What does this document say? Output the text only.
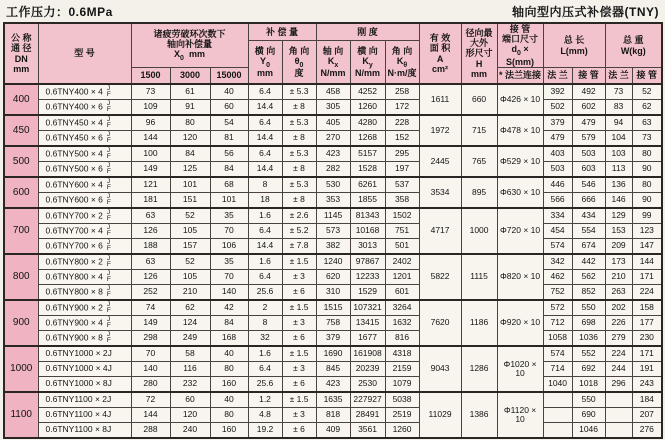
工作压力：0.6MPa	轴向型内压式补偿器(TNY)
公 称
通 径
DN
mm	型 号	诸疲劳破环次数下
轴向补偿量
$X_0$ mm			补 偿 量		刚 度			有 效
面 积
A
cm²	径向最大外
形尺寸
H
mm	接 管
端口尺寸
$d_0 \times S(mm)$	总 长
L(mm)		总 重
W(kg)	

					横 向
$Y_0$
mm	角 向
$\theta_0$
度	轴 向
$K_x$
N/mm	横 向
$K_y$
N/mm	角 向
$K_\theta$
N·m/度							

		1500	3000	15000								* 法兰连接	法 兰	接 管	法 兰	接 管
400	0.6TNY400 × 4 J
F	73	61	40	6.4	± 5.3	458	4252	258	1611	660	Φ426 × 10	392	492	73	52
	0.6TNY400 × 6 J
F	109	91	60	14.4	± 8	305	1260	172				502	602	83	62
450	0.6TNY450 × 4 J
F	96	80	54	6.4	± 5.3	405	4280	228	1972	715	Φ478 × 10	379	479	94	63
	0.6TNY450 × 6 J
F	144	120	81	14.4	± 8	270	1268	152				479	579	104	73
500	0.6TNY500 × 4 J
F	100	84	56	6.4	± 5.3	423	5157	295	2445	765	Φ529 × 10	403	503	103	80
	0.6TNY500 × 6 J
F	149	125	84	14.4	± 8	282	1528	197				503	603	113	90
600	0.6TNY600 × 4 J
F	121	101	68	8	± 5.3	530	6261	537	3534	895	Φ630 × 10	446	546	136	80
	0.6TNY600 × 6 J
F	181	151	101	18	± 8	353	1855	358				566	666	146	90
700	0.6TNY700 × 2 J
F	63	52	35	1.6	± 2.6	1145	81343	1502	4717	1000	Φ720 × 10	334	434	129	99
	0.6TNY700 × 4 J
F	126	105	70	6.4	± 5.2	573	10168	751				454	554	153	123
	0.6TNY700 × 6 J
F	188	157	106	14.4	± 7.8	382	3013	501				574	674	209	147
800	0.6TNY800 × 2 J
F	63	52	35	1.6	± 1.5	1240	97867	2402	5822	1115	Φ820 × 10	342	442	173	144
	0.6TNY800 × 4 J
F	126	105	70	6.4	± 3	620	12233	1201				462	562	210	171
	0.6TNY800 × 8 J
F	252	210	140	25.6	± 6	310	1529	601				752	852	263	224
900	0.6TNY900 × 2 J
F	74	62	42	2	± 1.5	1515	107321	3264	7620	1186	Φ920 × 10	572	550	202	158
	0.6TNY900 × 4 J
F	149	124	84	8	± 3	758	13415	1632				712	698	226	177
	0.6TNY900 × 8 J
F	298	249	168	32	± 6	379	1677	816				1058	1036	279	230
1000	0.6TNY1000 × 2J	70	58	40	1.6	± 1.5	1690	161908	4318	9043	1286	Φ1020 × 10	574	552	224	171
	0.6TNY1000 × 4J	140	116	80	6.4	± 3	845	20239	2159				714	692	244	191
	0.6TNY1000 × 8J	280	232	160	25.6	± 6	423	2530	1079				1040	1018	296	243
1100	0.6TNY1100 × 2J	72	60	40	1.2	± 1.5	1635	227927	5038	11029	1386	Φ1120 × 10		550		184
	0.6TNY1100 × 4J	144	120	80	4.8	± 3	818	28491	2519					690		207
	0.6TNY1100 × 8J	288	240	160	19.2	± 6	409	3561	1260					1046		276
